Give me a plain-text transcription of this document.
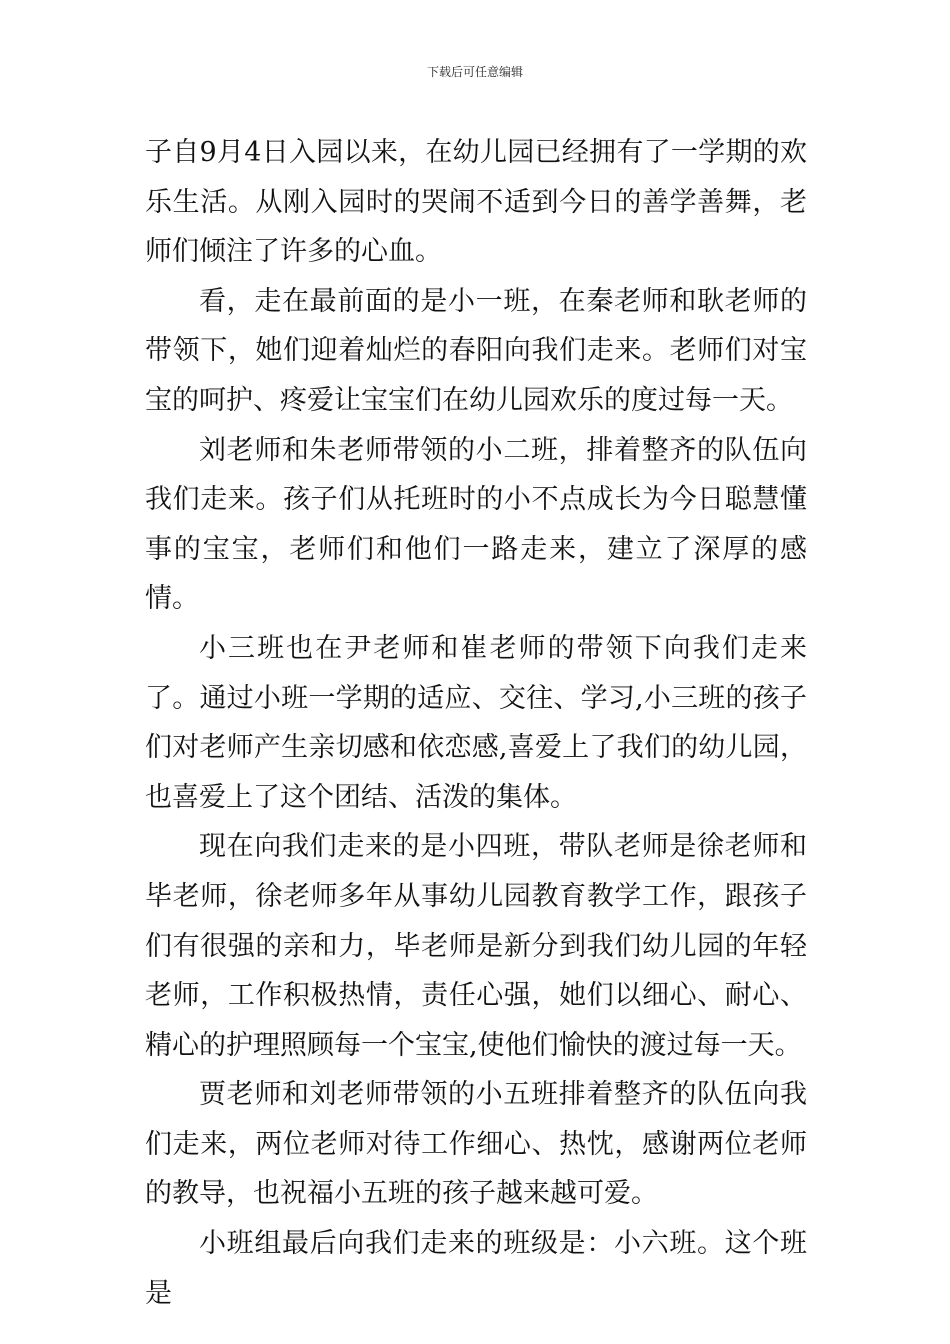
下载后可任意编辑

子自9月4日入园以来，在幼儿园已经拥有了一学期的欢乐生活。从刚入园时的哭闹不适到今日的善学善舞，老师们倾注了许多的心血。

看，走在最前面的是小一班，在秦老师和耿老师的带领下，她们迎着灿烂的春阳向我们走来。老师们对宝宝的呵护、疼爱让宝宝们在幼儿园欢乐的度过每一天。

刘老师和朱老师带领的小二班，排着整齐的队伍向我们走来。孩子们从托班时的小不点成长为今日聪慧懂事的宝宝，老师们和他们一路走来，建立了深厚的感情。

小三班也在尹老师和崔老师的带领下向我们走来了。通过小班一学期的适应、交往、学习,小三班的孩子们对老师产生亲切感和依恋感,喜爱上了我们的幼儿园，也喜爱上了这个团结、活泼的集体。

现在向我们走来的是小四班，带队老师是徐老师和毕老师，徐老师多年从事幼儿园教育教学工作，跟孩子们有很强的亲和力，毕老师是新分到我们幼儿园的年轻老师，工作积极热情，责任心强，她们以细心、耐心、精心的护理照顾每一个宝宝,使他们愉快的渡过每一天。

贾老师和刘老师带领的小五班排着整齐的队伍向我们走来，两位老师对待工作细心、热忱，感谢两位老师的教导，也祝福小五班的孩子越来越可爱。

小班组最后向我们走来的班级是：小六班。这个班是
